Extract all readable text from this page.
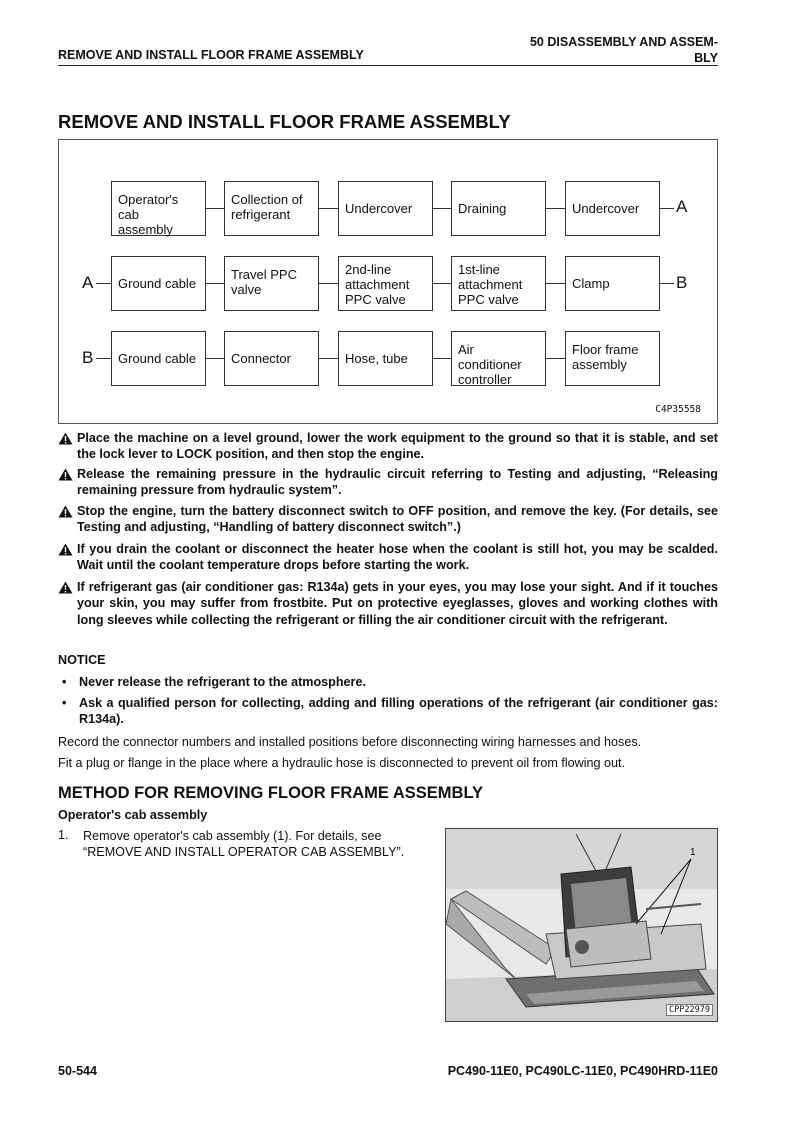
REMOVE AND INSTALL FLOOR FRAME ASSEMBLY
50 DISASSEMBLY AND ASSEM-
BLY
REMOVE AND INSTALL FLOOR FRAME ASSEMBLY
Operator's cab
assembly
Collection of
refrigerant	Undercover	Draining	Undercover A
A Ground cable
Travel PPC
valve
2nd-line
attachment
PPC valve
1st-line
attachment
PPC valve
Clamp	B
B Ground cable	Connector	Hose, tube
Air conditioner
controller
Floor frame
assembly
C4P35558
Place the machine on a level ground, lower the work equipment to the ground so that it is stable, and set the lock lever to LOCK position, and then stop the engine.
Release the remaining pressure in the hydraulic circuit referring to Testing and adjusting, “Releasing remaining pressure from hydraulic system”.
Stop the engine, turn the battery disconnect switch to OFF position, and remove the key. (For details, see Testing and adjusting, “Handling of battery disconnect switch”.)
If you drain the coolant or disconnect the heater hose when the coolant is still hot, you may be scalded. Wait until the coolant temperature drops before starting the work.
If refrigerant gas (air conditioner gas: R134a) gets in your eyes, you may lose your sight. And if it touches your skin, you may suffer from frostbite. Put on protective eyeglasses, gloves and working clothes with long sleeves while collecting the refrigerant or filling the air conditioner circuit with the refrigerant.
NOTICE
• Never release the refrigerant to the atmosphere.
• Ask a qualified person for collecting, adding and filling operations of the refrigerant (air conditioner gas: R134a).
Record the connector numbers and installed positions before disconnecting wiring harnesses and hoses.
Fit a plug or flange in the place where a hydraulic hose is disconnected to prevent oil from flowing out.
METHOD FOR REMOVING FLOOR FRAME ASSEMBLY
Operator's cab assembly
1. Remove operator's cab assembly (1). For details, see “REMOVE AND INSTALL OPERATOR CAB ASSEMBLY”.	1
CPP22979
50-544	PC490-11E0, PC490LC-11E0, PC490HRD-11E0
